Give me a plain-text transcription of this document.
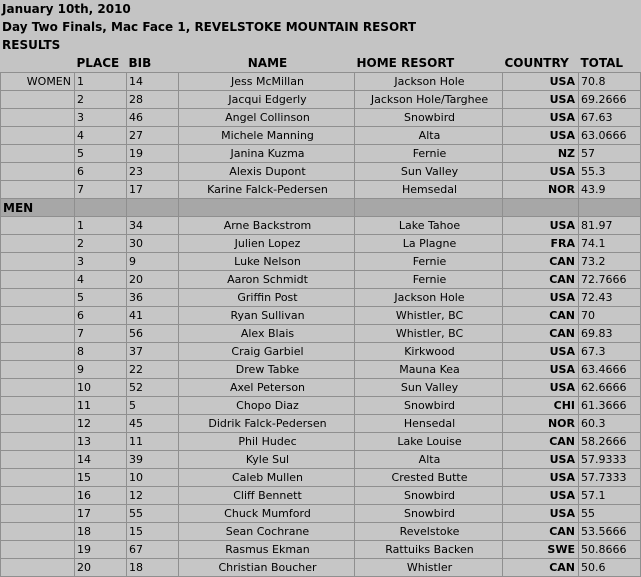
January 10th, 2010
Day Two Finals, Mac Face 1, REVELSTOKE MOUNTAIN RESORT
RESULTS
	PLACE	BIB	NAME	HOME RESORT	COUNTRY	TOTAL
WOMEN	1	14	Jess McMillan	Jackson Hole	USA	70.8
	2	28	Jacqui Edgerly	Jackson Hole/Targhee	USA	69.2666
	3	46	Angel Collinson	Snowbird	USA	67.63
	4	27	Michele Manning	Alta	USA	63.0666
	5	19	Janina Kuzma	Fernie	NZ	57
	6	23	Alexis Dupont	Sun Valley	USA	55.3
	7	17	Karine Falck-Pedersen	Hemsedal	NOR	43.9
MEN						
	1	34	Arne Backstrom	Lake Tahoe	USA	81.97
	2	30	Julien Lopez	La Plagne	FRA	74.1
	3	9	Luke Nelson	Fernie	CAN	73.2
	4	20	Aaron Schmidt	Fernie	CAN	72.7666
	5	36	Griffin Post	Jackson Hole	USA	72.43
	6	41	Ryan Sullivan	Whistler, BC	CAN	70
	7	56	Alex Blais	Whistler, BC	CAN	69.83
	8	37	Craig Garbiel	Kirkwood	USA	67.3
	9	22	Drew Tabke	Mauna Kea	USA	63.4666
	10	52	Axel Peterson	Sun Valley	USA	62.6666
	11	5	Chopo Diaz	Snowbird	CHI	61.3666
	12	45	Didrik Falck-Pedersen	Hensedal	NOR	60.3
	13	11	Phil Hudec	Lake Louise	CAN	58.2666
	14	39	Kyle Sul	Alta	USA	57.9333
	15	10	Caleb Mullen	Crested Butte	USA	57.7333
	16	12	Cliff Bennett	Snowbird	USA	57.1
	17	55	Chuck Mumford	Snowbird	USA	55
	18	15	Sean Cochrane	Revelstoke	CAN	53.5666
	19	67	Rasmus Ekman	Rattuiks Backen	SWE	50.8666
	20	18	Christian Boucher	Whistler	CAN	50.6
